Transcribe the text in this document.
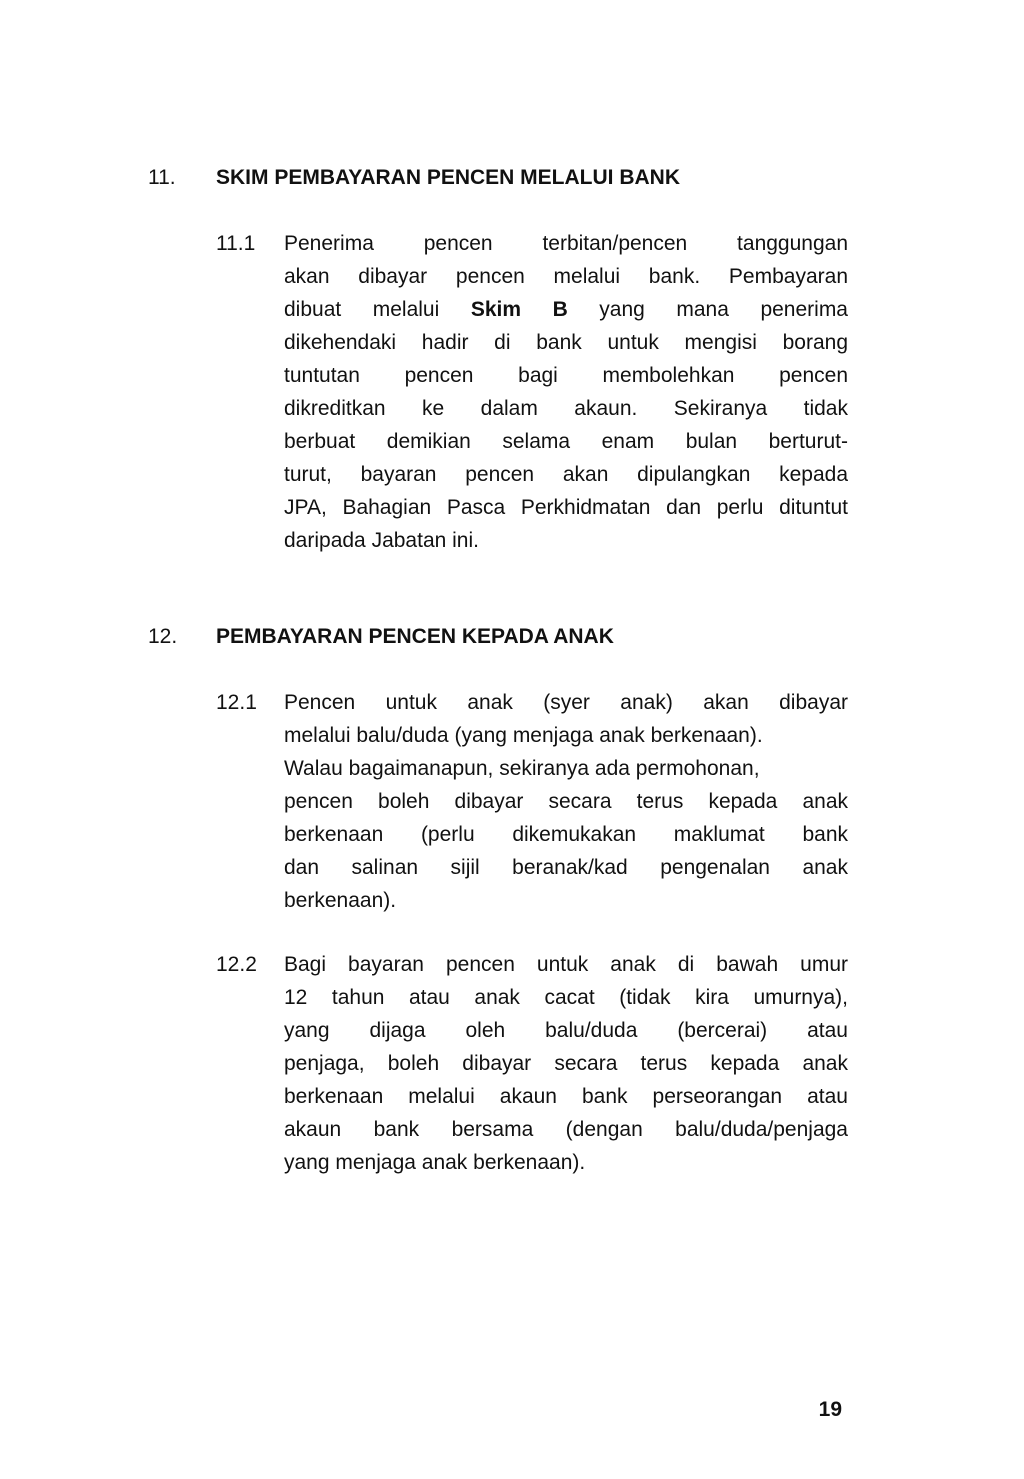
11. SKIM PEMBAYARAN PENCEN MELALUI BANK
11.1 Penerima pencen terbitan/pencen tanggungan
akan dibayar pencen melalui bank. Pembayaran
dibuat melalui Skim B yang mana penerima
dikehendaki hadir di bank untuk mengisi borang
tuntutan pencen bagi membolehkan pencen
dikreditkan ke dalam akaun. Sekiranya tidak
berbuat demikian selama enam bulan berturut-
turut, bayaran pencen akan dipulangkan kepada
JPA, Bahagian Pasca Perkhidmatan dan perlu dituntut
daripada Jabatan ini.
12. PEMBAYARAN PENCEN KEPADA ANAK
12.1 Pencen untuk anak (syer anak) akan dibayar
melalui balu/duda (yang menjaga anak berkenaan).
Walau bagaimanapun, sekiranya ada permohonan,
pencen boleh dibayar secara terus kepada anak
berkenaan (perlu dikemukakan maklumat bank
dan salinan sijil beranak/kad pengenalan anak
berkenaan).
12.2 Bagi bayaran pencen untuk anak di bawah umur
12 tahun atau anak cacat (tidak kira umurnya),
yang dijaga oleh balu/duda (bercerai) atau
penjaga, boleh dibayar secara terus kepada anak
berkenaan melalui akaun bank perseorangan atau
akaun bank bersama (dengan balu/duda/penjaga
yang menjaga anak berkenaan).
19
